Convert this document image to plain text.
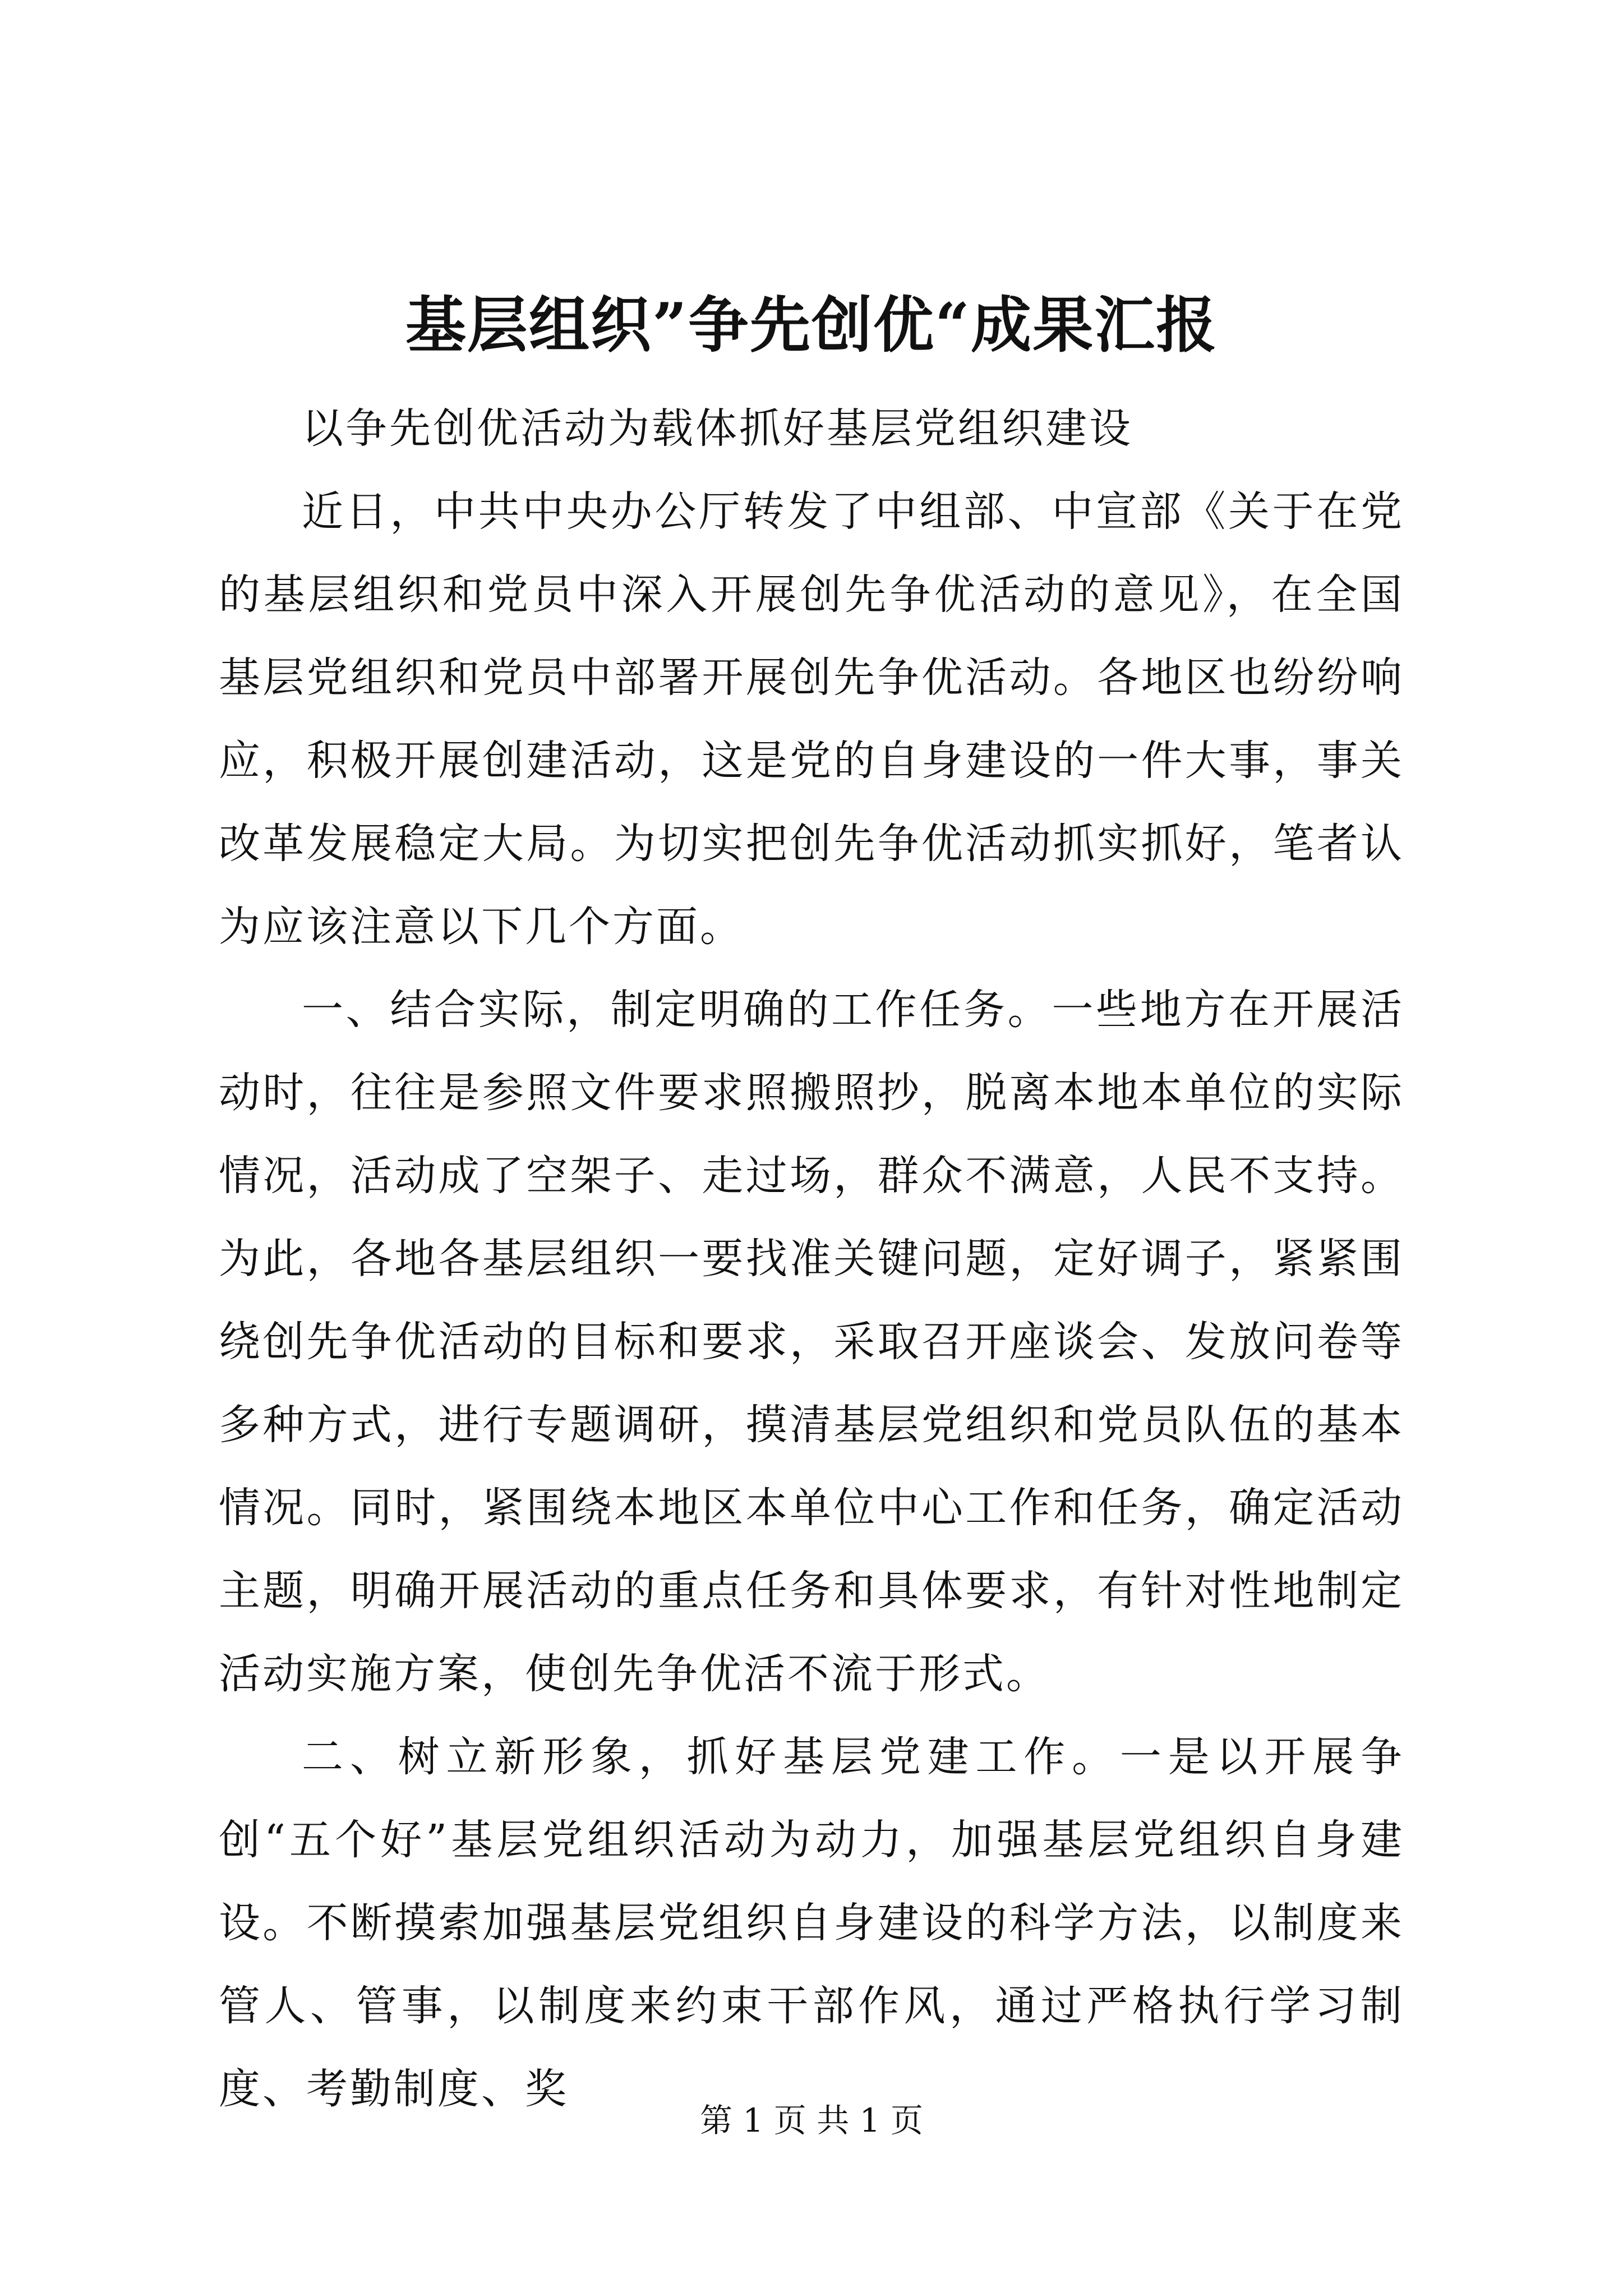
基层组织”争先创优“成果汇报

以争先创优活动为载体抓好基层党组织建设

近日，中共中央办公厅转发了中组部、中宣部《关于在党的基层组织和党员中深入开展创先争优活动的意见》，在全国基层党组织和党员中部署开展创先争优活动。各地区也纷纷响应，积极开展创建活动，这是党的自身建设的一件大事，事关改革发展稳定大局。为切实把创先争优活动抓实抓好，笔者认为应该注意以下几个方面。

一、结合实际，制定明确的工作任务。一些地方在开展活动时，往往是参照文件要求照搬照抄，脱离本地本单位的实际情况，活动成了空架子、走过场，群众不满意，人民不支持。为此，各地各基层组织一要找准关键问题，定好调子，紧紧围绕创先争优活动的目标和要求，采取召开座谈会、发放问卷等多种方式，进行专题调研，摸清基层党组织和党员队伍的基本情况。同时，紧围绕本地区本单位中心工作和任务，确定活动主题，明确开展活动的重点任务和具体要求，有针对性地制定活动实施方案，使创先争优活不流于形式。

二、树立新形象，抓好基层党建工作。一是以开展争创“五个好”基层党组织活动为动力，加强基层党组织自身建设。不断摸索加强基层党组织自身建设的科学方法，以制度来管人、管事，以制度来约束干部作风，通过严格执行学习制度、考勤制度、奖

第 1 页 共 1 页
